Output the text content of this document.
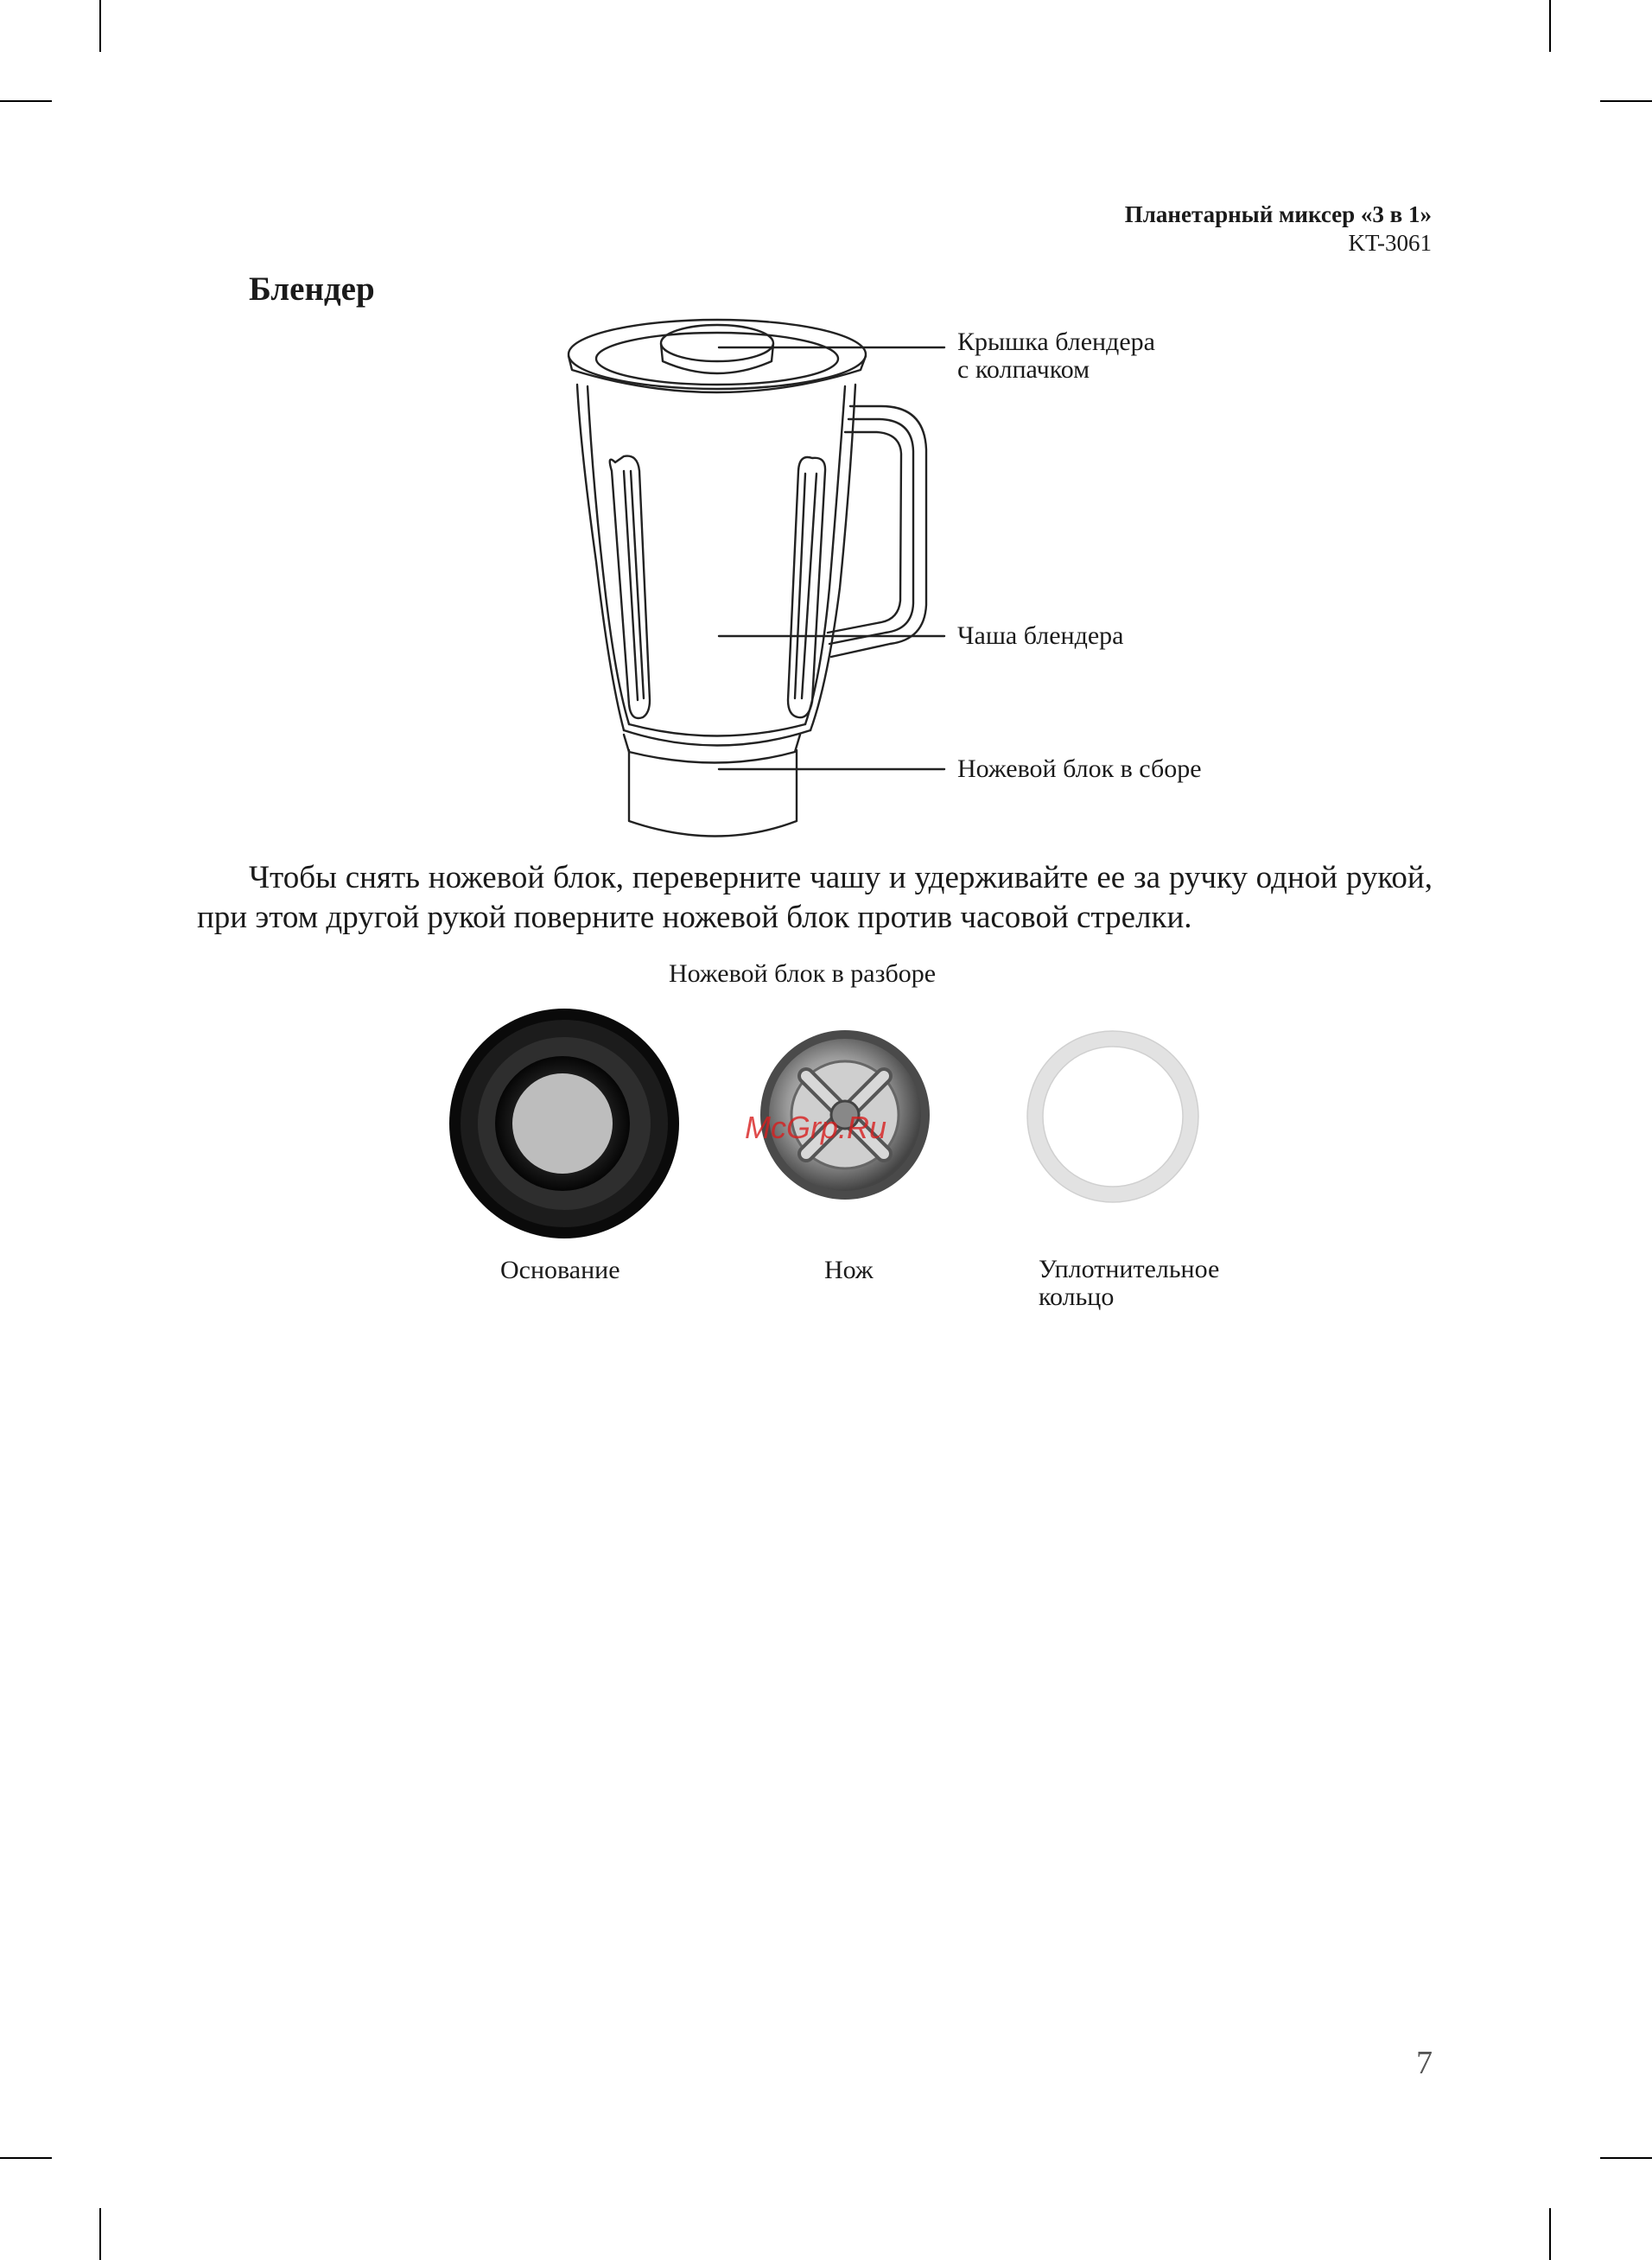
Планетарный миксер «3 в 1»
KT-3061
Блендер
Крышка блендера
с колпачком
Чаша блендера
Ножевой блок в сборе
Чтобы снять ножевой блок, переверните чашу и удерживайте ее за ручку одной рукой, при этом другой рукой поверните ножевой блок против часовой стрелки.
Ножевой блок в разборе
McGrp.Ru
Основание	Нож	Уплотнительное
кольцо
7
